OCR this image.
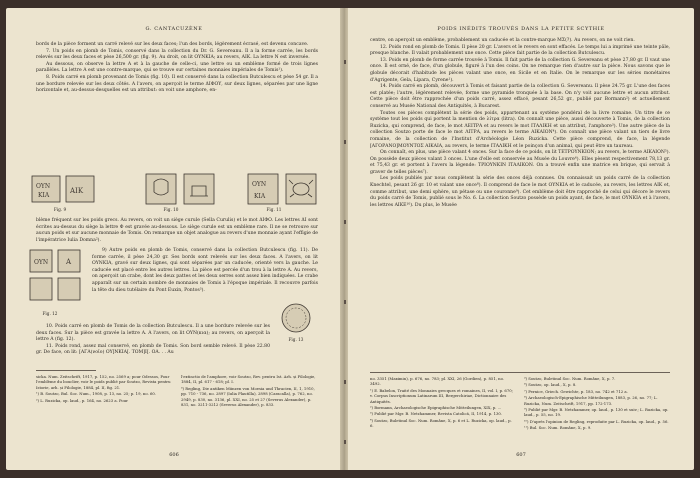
G. CANTACUZÈNE

bords de la pièce forment un carré relevé sur les deux faces; l'un des bords, légèrement écrasé, est devenu concave.

7. Un poids en plomb de Tomis, conservé dans la collection du Dr. G. Severeanu. Il a la forme carrée, les bords relevés sur les deux faces et pèse 26,500 gr. (fig. 9). Au droit, on lit OYNKIA; au revers, AIK. La lettre N est inversée.

Au dessous, on observe la lettre A et à la gauche de celle-ci, une lettre ou un emblème formé de trois lignes parallèles. La lettre A est une contre-marque, qui se trouve sur certaines monnaies impériales de Tomis¹).

8. Poids carré en plomb provenant de Tomis (fig. 10). Il est conservé dans la collection Butculescu et pèse 54 gr. Il a une bordure relevée sur les deux côtés. A l'avers, on aperçoit le terme ΔΙΦΟΥ, sur deux lignes, séparées par une ligne horizontale et, au-dessus-desquelles est un attribut: on voit une amphore, en-

ΟΥΝ
ΚΙΑ
ΑΙΚ
ΟΥΝ
ΚΙΑ
Fig. 9	Fig. 10	Fig. 11

blème fréquent sur les poids grecs. Au revers, on voit un siège curule (Sella Curulis) et le mot ΔΙΦΟ. Les lettres ΔΙ sont écrites au-dessus du siège la lettre Φ est gravée au-dessous. Le siège curule est un emblème rare. Il ne se retrouve sur aucun poids et sur aucune monnaie de Tomis. On remarque un objet analogue au revers d'une monnaie ayant l'effigie de l'impératrice Iulia Domna²).

ΟΥΝ	Α

9) Autre poids en plomb de Tomis, conservé dans la collection Butculescu (fig. 11). De forme carrée, il pèse 24,30 gr. Ses bords sont relevés sur les deux faces. A l'avers, on lit OYNKIA, gravé sur deux lignes, qui sont séparées par un caducée, orienté vers la gauche. Le caducée est placé entre les autres lettres. La pièce est percée d'un trou à la lettre A. Au revers, on aperçoit un crabe, dont les deux pattes et les deux serres sont assez bien indiquées. Le crabe apparaît sur un certain nombre de monnaies de Tomis à l'époque impériale. Il recouvre parfois la tête du dieu tutélaire du Pont Euxin, Pontos³).

Fig. 12
Fig. 13

10. Poids carré en plomb de Tomis de la collection Butculescu. Il a une bordure relevée sur les deux faces. Sur la pièce est gravée la lettre A. A l'avers, on lit OYN(κια); au revers, on aperçoit la lettre A (fig. 12).

11. Poids rond, assez mal conservé, en plomb de Tomis. Son bord semble relevé. Il pèse 22.80 gr. De face, on lit: [ΑΓΑ(νοῖο) ΟΥ]ΝΚΙΑ[. ΤΟΜ]Ι[. ΟΑ. . . Au

sicka. Num. Zeitschrift, 1917, p. 152, no. 2569 a; pour Odessos, Pour l'emblème du bouclier, voir le poids publié par Soutzo, Revista pentru Istorie, arh. și Filologie, 1884, pl. II, fig. 21.

¹) B. Soutzo, Bul. Soc. Num., 1908, p. 13, no. 25; p. 19, no. 60.

²) L. Ruzicka, op. laud., p. 164, no. 2623 a. Pour

l'extinctio de l'amphore, voir Soutzo, Rev. pentru Ist. Arh. și Filologie, 1884, II, pl. 617 - 618; pl. I.

³) Regling, Die antiken Münzen von Moesia und Thracien, II, 1, 1910, pp. 710 - 736, no. 2897 (Iulia Plautilla), 2898 (Caracalla), p. 762, no. 2949, p. 830, no. 3136, pl. XXI, no. 25 et 27 (Severus Alexander), p. 831, no. 3211-3212 (Severus Alexander), p. 833.

606
POIDS INÉDITS TROUVÉS DANS LA PETITE SCYTHIE

centre, on aperçoit un emblème, probablement un caducée et la contre-marque MΣ(?). Au revers, on ne voit rien.

12. Poids rond en plomb de Tomis. Il pèse 20 gr. L'avers et le revers en sont effacés. Le temps lui a imprimé une teinte pâle, presque blanche. Il valait probablement une once. Cette pièce fait partie de la collection Butculescu.

13. Poids en plomb de forme carrée trouvée à Tomis. Il fait partie de la collection G. Severeanu et pèse 27,80 gr. Il vaut une once. Il est orné, de face, d'un globule, figuré à l'un des coins. On ne remarque rien d'autre sur la pièce. Nous savons que le globule décorait d'habitude les pièces valant une once, en Sicile et en Italie. On le remarque sur les séries monétaires d'Agrigente, Gela, Lipara, Cyrene¹).

14. Poids carré en plomb, découvert à Tomis et faisant partie de la collection G. Severeanu. Il pèse 24.75 gr. L'une des faces est platée; l'autre, légèrement relevée, forme une pyramide tronquée à la base. On n'y voit aucune lettre et aucun attribut. Cette pièce doit être rapprochée d'un poids carré, assez effacé, pesant 26,52 gr., publié par Bormann²) et actuellement conservé au Musée National des Antiquités, à Bucarest.

Toutes ces pièces complètent la série des poids, appartenant au système pondéral de la livre romaine. Un titre de ce système tout les poids qui portent la mention de λίτρα (litra). On connaît une pièce, aussi découverte à Tomis, de la collection Ruzicka, qui comprend, de face, le mot ΛΕΙΤΡΑ et au revers le mot ΙΤΑΛΙΚΗ et un attribut, l'amphore³). Une autre pièce de la collection Soutzo porte de face le mot ΛΙΤΡΑ, au revers le terme ΑΙΚΑΙΟΝ⁴). On connaît une pièce valant un tiers de livre romaine, de la collection de l'Institut d'Archéologie Léon Ruzicka. Cette pièce comprend, de face, la légende [ΑΓΟΡΑΝΟ]ΜΟΥΝΤΟΣ ΑΙΚΑΙΑ, au revers, le terme ΙΤΑΛΙΚΗ et le poinçon d'un animal, qui peut être un taureau.

On connaît, en plus, une pièce valant 4 onces. Sur la face de ce poids, on lit ΤΕΤΡΟΥΝΚΙΟΝ; au revers, le terme ΑΙΚΑΙΟΝ⁵). On possède deux pièces valant 3 onces. L'une d'elle est conservée au Musée du Louvre⁶). Elles pèsent respectivement 78,13 gr. et 75,43 gr. et portent à l'avers la légende: ΤΡΙΟΥΝΚΙΝ ΙΤΑΛΙΚΟΝ. On a trouvé enfin une matrice en brique, qui servait à graver de telles pièces⁷).

Les poids publiés par nous complètent la série des onces déjà connues. On connaissait un poids carré de la collection Knechtel, pesant 26 gr. 10 et valant une once⁸). Il comprend de face le mot OYNKIA et le caducée, au revers, les lettres AIK et, comme attribut, une demi sphère, un pétase ou une couronne⁹). Cet emblème doit être rapproché de celui qui décore le revers du poids carré de Tomis, publié sous le No. 6. La collection Soutzo possède un poids ayant, de face, le mot OYNKIA et à l'avers, les lettres ΑΙΚΕ¹⁰). Du plus, le Musée

no. 3351 (Maximin), p. 676, no. 783; pl. XXI, 26 (Gordien), p. 851, no. 3492.

¹) E. Babelon, Traité des Monnaies grecques et romaines, II, vol. I, p. 670; v. Corpus Inscriptionum Latinarum III, Bergerchiriae, Dictionnaire des Antiquités.

²) Bormann, Archaeologische Epigraphische Mitteilungen, XIX, p. ...

³) Publié par Mgr. B. Netzhammer, Revista Catolică, II, 1914, p. 130.

⁴) Soutzo, Buletinul Soc. Num. Române, X, p. 6 et L. Ruzicka, op. laud., p. 6.

⁵) Soutzo, Buletinul Soc. Num. Române, X, p. 7.

⁶) Soutzo, op. laud., X, p. 8.

⁷) Pernice, Griech. Gewichte, p. 183, no. 742 et 712 a.

⁸) Archaeologisch-Epigraphische Mitteilungen, 1883, p. 26, no. 77; L. Ruzicka, Num. Zeitschrift, 1917, pp. 172-173.

⁹) Publié par Mgr. B. Netzhammer, op. laud., p. 130 et suiv.; L. Ruzicka, op. laud., p. 55, no. 19.

¹⁰) D'après l'opinion de Regling, reproduite par L. Ruzicka, op. laud., p. 56.

¹¹) Bul. Soc. Num. Române, X, p. 9.

607
